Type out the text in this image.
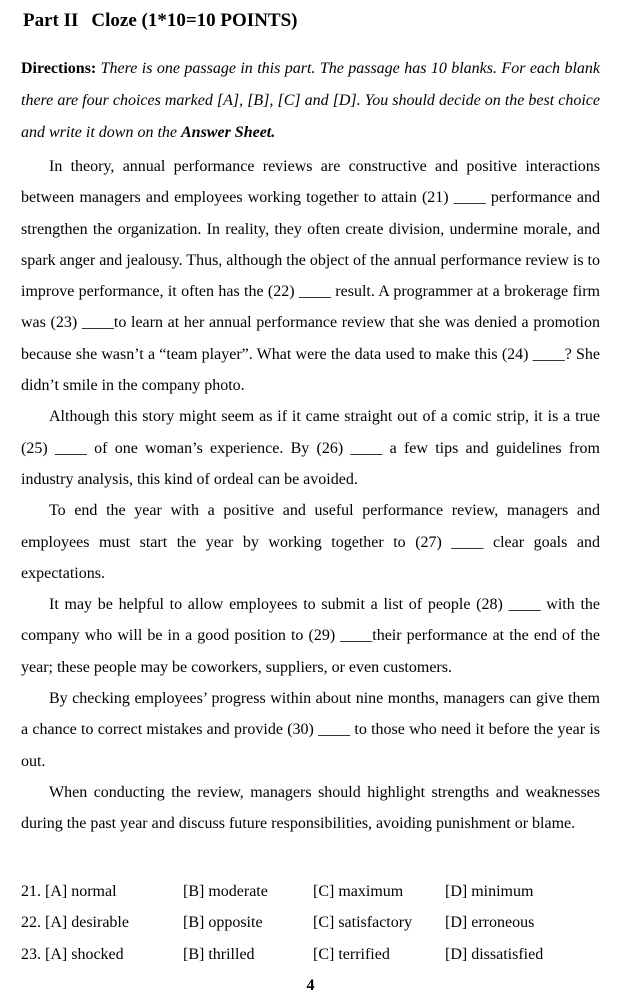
Part II Cloze (1*10=10 POINTS)

Directions: There is one passage in this part. The passage has 10 blanks. For each blank there are four choices marked [A], [B], [C] and [D]. You should decide on the best choice and write it down on the Answer Sheet.

In theory, annual performance reviews are constructive and positive interactions between managers and employees working together to attain (21) ____ performance and strengthen the organization. In reality, they often create division, undermine morale, and spark anger and jealousy. Thus, although the object of the annual performance review is to improve performance, it often has the (22) ____ result. A programmer at a brokerage firm was (23) ____to learn at her annual performance review that she was denied a promotion because she wasn’t a “team player”. What were the data used to make this (24) ____? She didn’t smile in the company photo.

Although this story might seem as if it came straight out of a comic strip, it is a true (25) ____ of one woman’s experience. By (26) ____ a few tips and guidelines from industry analysis, this kind of ordeal can be avoided.

To end the year with a positive and useful performance review, managers and employees must start the year by working together to (27) ____ clear goals and expectations.

It may be helpful to allow employees to submit a list of people (28) ____ with the company who will be in a good position to (29) ____their performance at the end of the year; these people may be coworkers, suppliers, or even customers.

By checking employees’ progress within about nine months, managers can give them a chance to correct mistakes and provide (30) ____ to those who need it before the year is out.

When conducting the review, managers should highlight strengths and weaknesses during the past year and discuss future responsibilities, avoiding punishment or blame.

21. [A] normal	[B] moderate	[C] maximum	[D] minimum
22. [A] desirable	[B] opposite	[C] satisfactory	[D] erroneous
23. [A] shocked	[B] thrilled	[C] terrified	[D] dissatisfied
4
